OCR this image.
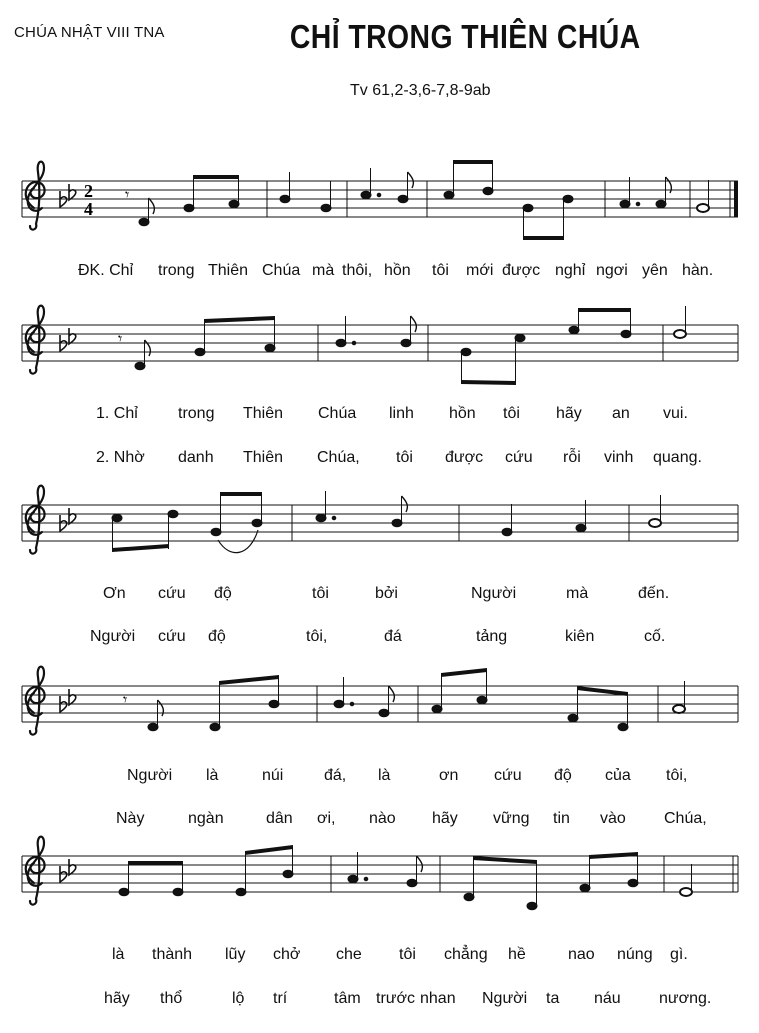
CHÚA NHẬT VIII TNA	CHỈ TRONG THIÊN CHÚA
Tv 61,2-3,6-7,8-9ab
2
4
𝄾
𝄾
𝄾
ĐK. Chỉ trong Thiên Chúa mà thôi, hồn tôi mới được nghỉ ngơi yên hàn.
1. Chỉ	trong Thiên Chúa linh hồn tôi hãy an vui.
2. Nhờ danh Thiên Chúa, tôi được cứu rỗi vinh quang.
Ơn cứu độ	tôi	bởi	Người	mà	đến.
Người cứu độ	tôi,	đá	tảng	kiên	cố.
Người là	núi	đá, là	ơn cứu độ của tôi,
Này	ngàn	dân ơi, nào hãy vững tin vào Chúa,
là thành lũy chở che tôi chẳng hề	nao núng gì.
hãy thổ	lộ trí	tâm trước nhan Người ta náu nương.
